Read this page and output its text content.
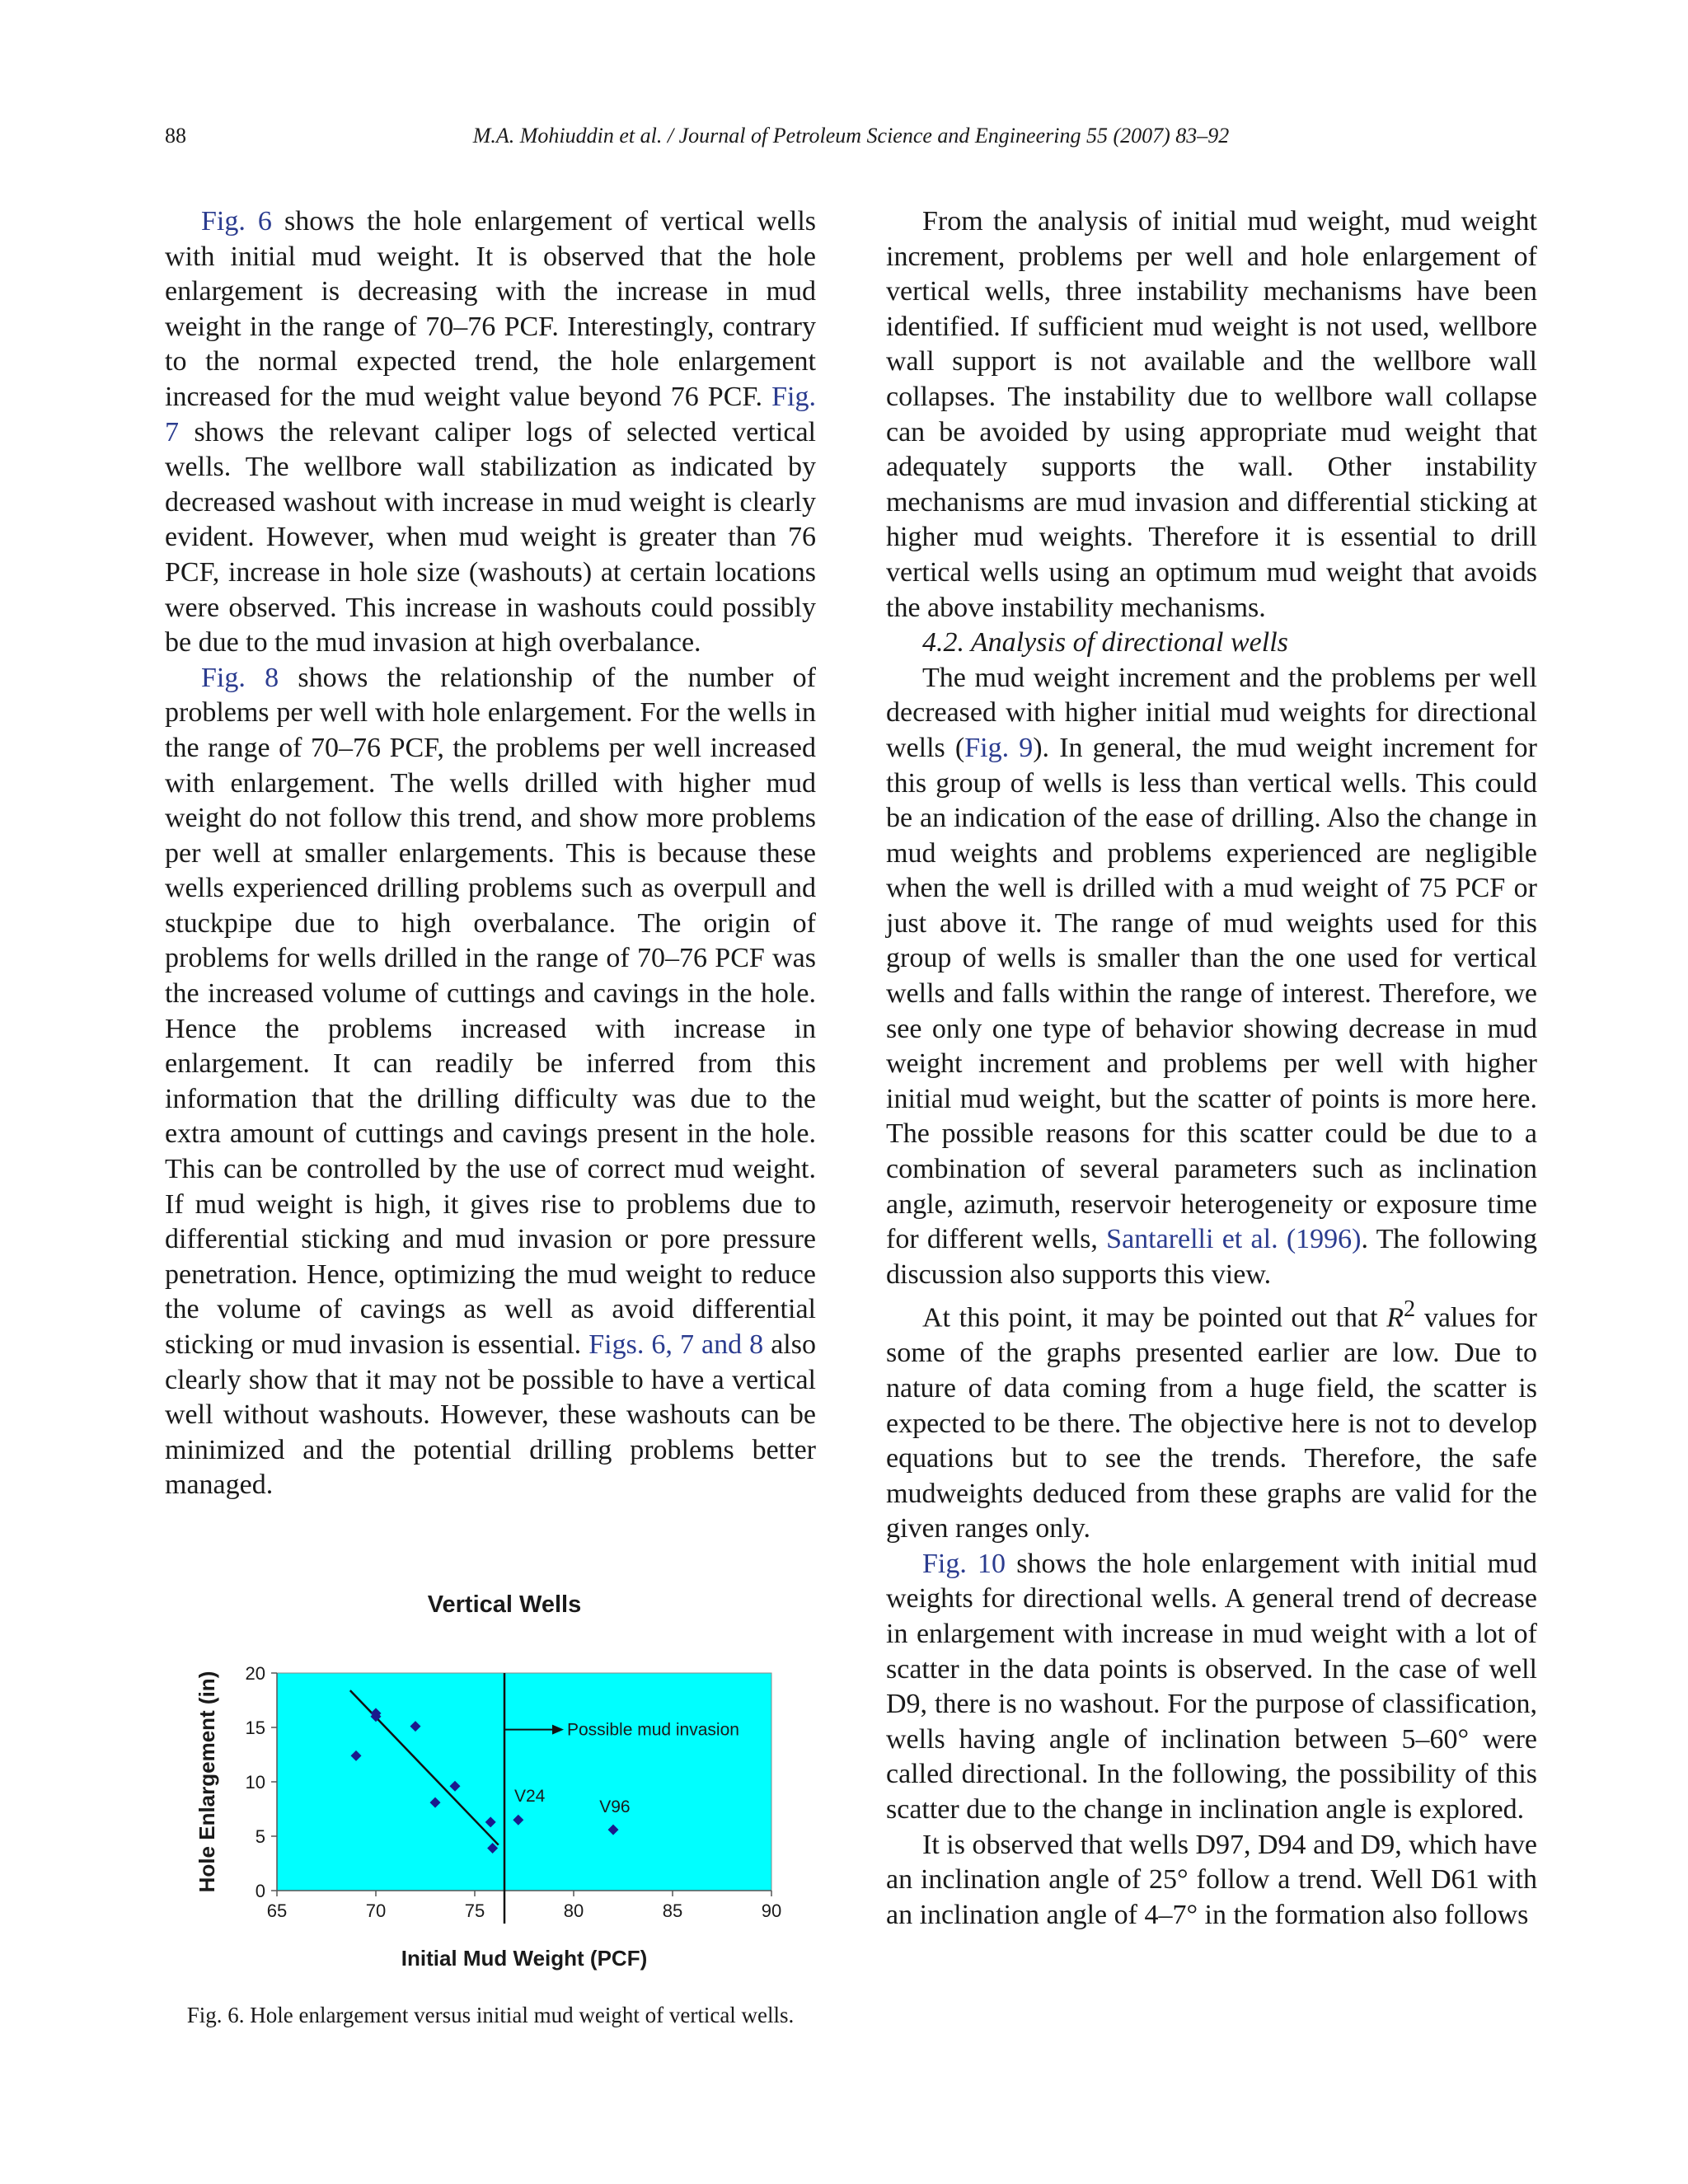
88	M.A. Mohiuddin et al. / Journal of Petroleum Science and Engineering 55 (2007) 83–92

Fig. 6 shows the hole enlargement of vertical wells with initial mud weight. It is observed that the hole enlargement is decreasing with the increase in mud weight in the range of 70–76 PCF. Interestingly, contrary to the normal expected trend, the hole enlargement increased for the mud weight value beyond 76 PCF. Fig. 7 shows the relevant caliper logs of selected vertical wells. The wellbore wall stabilization as indicated by decreased washout with increase in mud weight is clearly evident. However, when mud weight is greater than 76 PCF, increase in hole size (washouts) at certain locations were observed. This increase in washouts could possibly be due to the mud invasion at high overbalance.

Fig. 8 shows the relationship of the number of problems per well with hole enlargement. For the wells in the range of 70–76 PCF, the problems per well increased with enlargement. The wells drilled with higher mud weight do not follow this trend, and show more problems per well at smaller enlargements. This is because these wells experienced drilling problems such as overpull and stuckpipe due to high overbalance. The origin of problems for wells drilled in the range of 70–76 PCF was the increased volume of cuttings and cavings in the hole. Hence the problems increased with increase in enlargement. It can readily be inferred from this information that the drilling difficulty was due to the extra amount of cuttings and cavings present in the hole. This can be controlled by the use of correct mud weight. If mud weight is high, it gives rise to problems due to differential sticking and mud invasion or pore pressure penetration. Hence, optimizing the mud weight to reduce the volume of cavings as well as avoid differential sticking or mud invasion is essential. Figs. 6, 7 and 8 also clearly show that it may not be possible to have a vertical well without washouts. However, these washouts can be minimized and the potential drilling problems better managed.

From the analysis of initial mud weight, mud weight increment, problems per well and hole enlargement of vertical wells, three instability mechanisms have been identified. If sufficient mud weight is not used, wellbore wall support is not available and the wellbore wall collapses. The instability due to wellbore wall collapse can be avoided by using appropriate mud weight that adequately supports the wall. Other instability mechanisms are mud invasion and differential sticking at higher mud weights. Therefore it is essential to drill vertical wells using an optimum mud weight that avoids the above instability mechanisms.

4.2. Analysis of directional wells

The mud weight increment and the problems per well decreased with higher initial mud weights for directional wells (Fig. 9). In general, the mud weight increment for this group of wells is less than vertical wells. This could be an indication of the ease of drilling. Also the change in mud weights and problems experienced are negligible when the well is drilled with a mud weight of 75 PCF or just above it. The range of mud weights used for this group of wells is smaller than the one used for vertical wells and falls within the range of interest. Therefore, we see only one type of behavior showing decrease in mud weight increment and problems per well with higher initial mud weight, but the scatter of points is more here. The possible reasons for this scatter could be due to a combination of several parameters such as inclination angle, azimuth, reservoir heterogeneity or exposure time for different wells, Santarelli et al. (1996). The following discussion also supports this view.

At this point, it may be pointed out that $R^2$ values for some of the graphs presented earlier are low. Due to nature of data coming from a huge field, the scatter is expected to be there. The objective here is not to develop equations but to see the trends. Therefore, the safe mudweights deduced from these graphs are valid for the given ranges only.

Fig. 10 shows the hole enlargement with initial mud weights for directional wells. A general trend of decrease in enlargement with increase in mud weight with a lot of scatter in the data points is observed. In the case of well D9, there is no washout. For the purpose of classification, wells having angle of inclination between 5–60° were called directional. In the following, the possibility of this scatter due to the change in inclination angle is explored.

It is observed that wells D97, D94 and D9, which have an inclination angle of 25° follow a trend. Well D61 with an inclination angle of 4–7° in the formation also follows

Vertical Wells
65	70	75	80	85	90
0
5
10
15
20
Possible mud invasion
V24
V96
Initial Mud Weight (PCF)
Hole Enlargement (in)
Fig. 6. Hole enlargement versus initial mud weight of vertical wells.
